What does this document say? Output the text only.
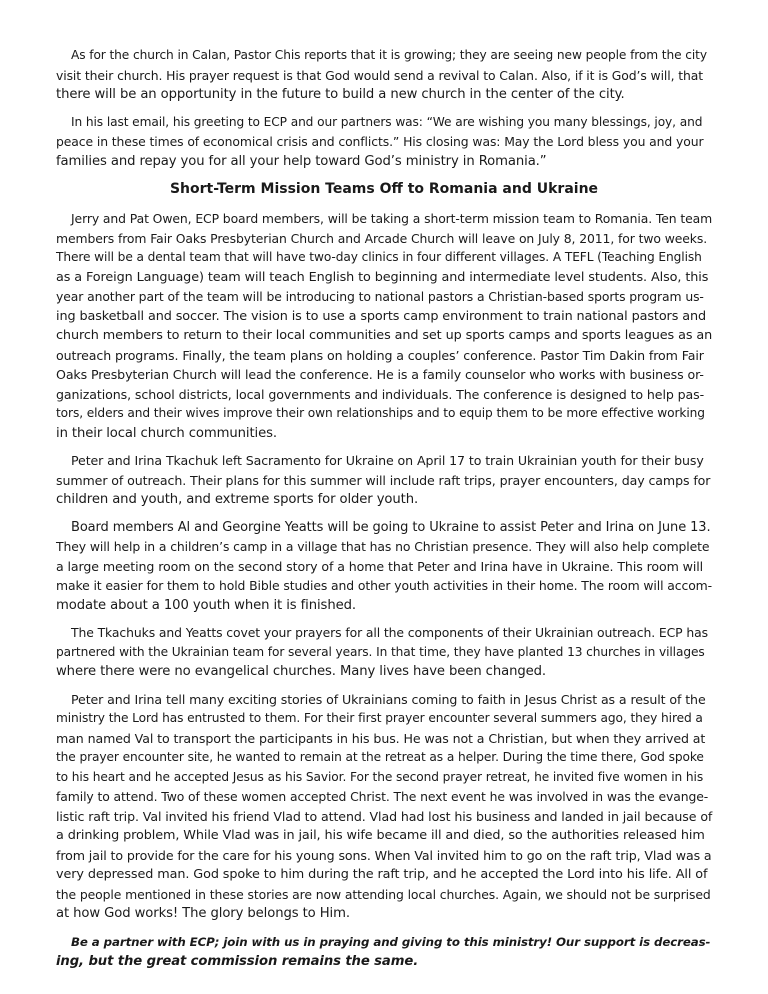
As for the church in Calan, Pastor Chis reports that it is growing; they are seeing new people from the city
visit their church. His prayer request is that God would send a revival to Calan. Also, if it is God’s will, that
there will be an opportunity in the future to build a new church in the center of the city.
In his last email, his greeting to ECP and our partners was: “We are wishing you many blessings, joy, and
peace in these times of economical crisis and conflicts.” His closing was: May the Lord bless you and your
families and repay you for all your help toward God’s ministry in Romania.”
Short-Term Mission Teams Off to Romania and Ukraine
Jerry and Pat Owen, ECP board members, will be taking a short-term mission team to Romania. Ten team
members from Fair Oaks Presbyterian Church and Arcade Church will leave on July 8, 2011, for two weeks.
There will be a dental team that will have two-day clinics in four different villages. A TEFL (Teaching English
as a Foreign Language) team will teach English to beginning and intermediate level students. Also, this
year another part of the team will be introducing to national pastors a Christian-based sports program us-
ing basketball and soccer. The vision is to use a sports camp environment to train national pastors and
church members to return to their local communities and set up sports camps and sports leagues as an
outreach programs. Finally, the team plans on holding a couples’ conference. Pastor Tim Dakin from Fair
Oaks Presbyterian Church will lead the conference. He is a family counselor who works with business or-
ganizations, school districts, local governments and individuals. The conference is designed to help pas-
tors, elders and their wives improve their own relationships and to equip them to be more effective working
in their local church communities.
Peter and Irina Tkachuk left Sacramento for Ukraine on April 17 to train Ukrainian youth for their busy
summer of outreach. Their plans for this summer will include raft trips, prayer encounters, day camps for
children and youth, and extreme sports for older youth.
Board members Al and Georgine Yeatts will be going to Ukraine to assist Peter and Irina on June 13.
They will help in a children’s camp in a village that has no Christian presence. They will also help complete
a large meeting room on the second story of a home that Peter and Irina have in Ukraine. This room will
make it easier for them to hold Bible studies and other youth activities in their home. The room will accom-
modate about a 100 youth when it is finished.
The Tkachuks and Yeatts covet your prayers for all the components of their Ukrainian outreach. ECP has
partnered with the Ukrainian team for several years. In that time, they have planted 13 churches in villages
where there were no evangelical churches. Many lives have been changed.
Peter and Irina tell many exciting stories of Ukrainians coming to faith in Jesus Christ as a result of the
ministry the Lord has entrusted to them. For their first prayer encounter several summers ago, they hired a
man named Val to transport the participants in his bus. He was not a Christian, but when they arrived at
the prayer encounter site, he wanted to remain at the retreat as a helper. During the time there, God spoke
to his heart and he accepted Jesus as his Savior. For the second prayer retreat, he invited five women in his
family to attend. Two of these women accepted Christ. The next event he was involved in was the evange-
listic raft trip. Val invited his friend Vlad to attend. Vlad had lost his business and landed in jail because of
a drinking problem, While Vlad was in jail, his wife became ill and died, so the authorities released him
from jail to provide for the care for his young sons. When Val invited him to go on the raft trip, Vlad was a
very depressed man. God spoke to him during the raft trip, and he accepted the Lord into his life. All of
the people mentioned in these stories are now attending local churches. Again, we should not be surprised
at how God works! The glory belongs to Him.
Be a partner with ECP; join with us in praying and giving to this ministry! Our support is decreas-
ing, but the great commission remains the same.
